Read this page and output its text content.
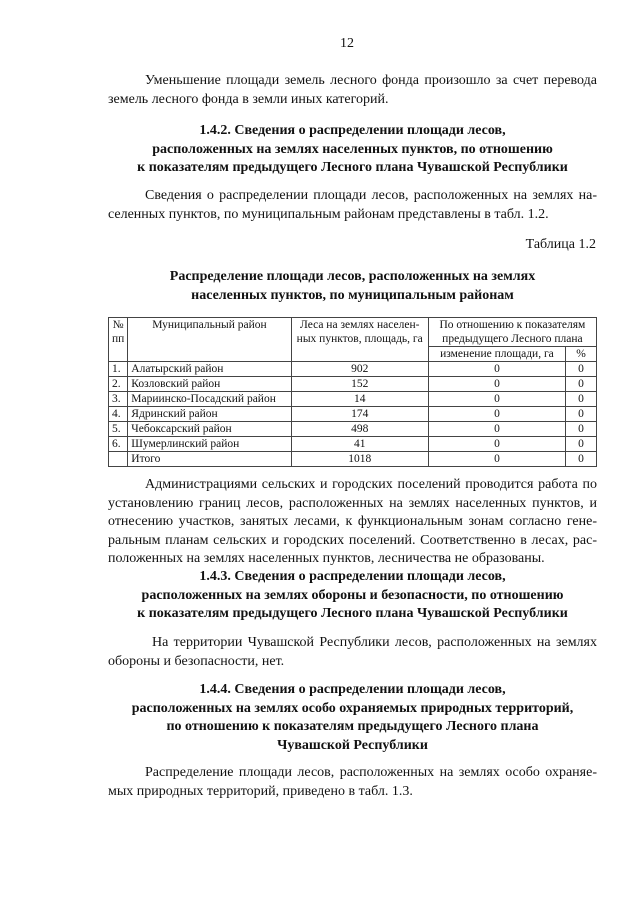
12
Уменьшение площади земель лесного фонда произошло за счет перевода земель лесного фонда в земли иных категорий.
1.4.2. Сведения о распределении площади лесов,
расположенных на землях населенных пунктов, по отношению
к показателям предыдущего Лесного плана Чувашской Республики
Сведения о распределении площади лесов, расположенных на землях населенных пунктов, по муниципальным районам представлены в табл. 1.2.
Таблица 1.2
Распределение площади лесов, расположенных на землях
населенных пунктов, по муниципальным районам
№ пп	Муниципальный район	Леса на землях населенных пунктов, площадь, га	По отношению к показателям предыдущего Лесного плана	
			изменение площади, га	%
1.	Алатырский район	902	0	0
2.	Козловский район	152	0	0
3.	Мариинско-Посадский район	14	0	0
4.	Ядринский район	174	0	0
5.	Чебоксарский район	498	0	0
6.	Шумерлинский район	41	0	0
	Итого	1018	0	0
Администрациями сельских и городских поселений проводится работа по установлению границ лесов, расположенных на землях населенных пунктов, и отнесению участков, занятых лесами, к функциональным зонам согласно генеральным планам сельских и городских поселений. Соответственно в лесах, расположенных на землях населенных пунктов, лесничества не образованы.
1.4.3. Сведения о распределении площади лесов,
расположенных на землях обороны и безопасности, по отношению
к показателям предыдущего Лесного плана Чувашской Республики
На территории Чувашской Республики лесов, расположенных на землях обороны и безопасности, нет.
1.4.4. Сведения о распределении площади лесов,
расположенных на землях особо охраняемых природных территорий,
по отношению к показателям предыдущего Лесного плана
Чувашской Республики
Распределение площади лесов, расположенных на землях особо охраняемых природных территорий, приведено в табл. 1.3.
